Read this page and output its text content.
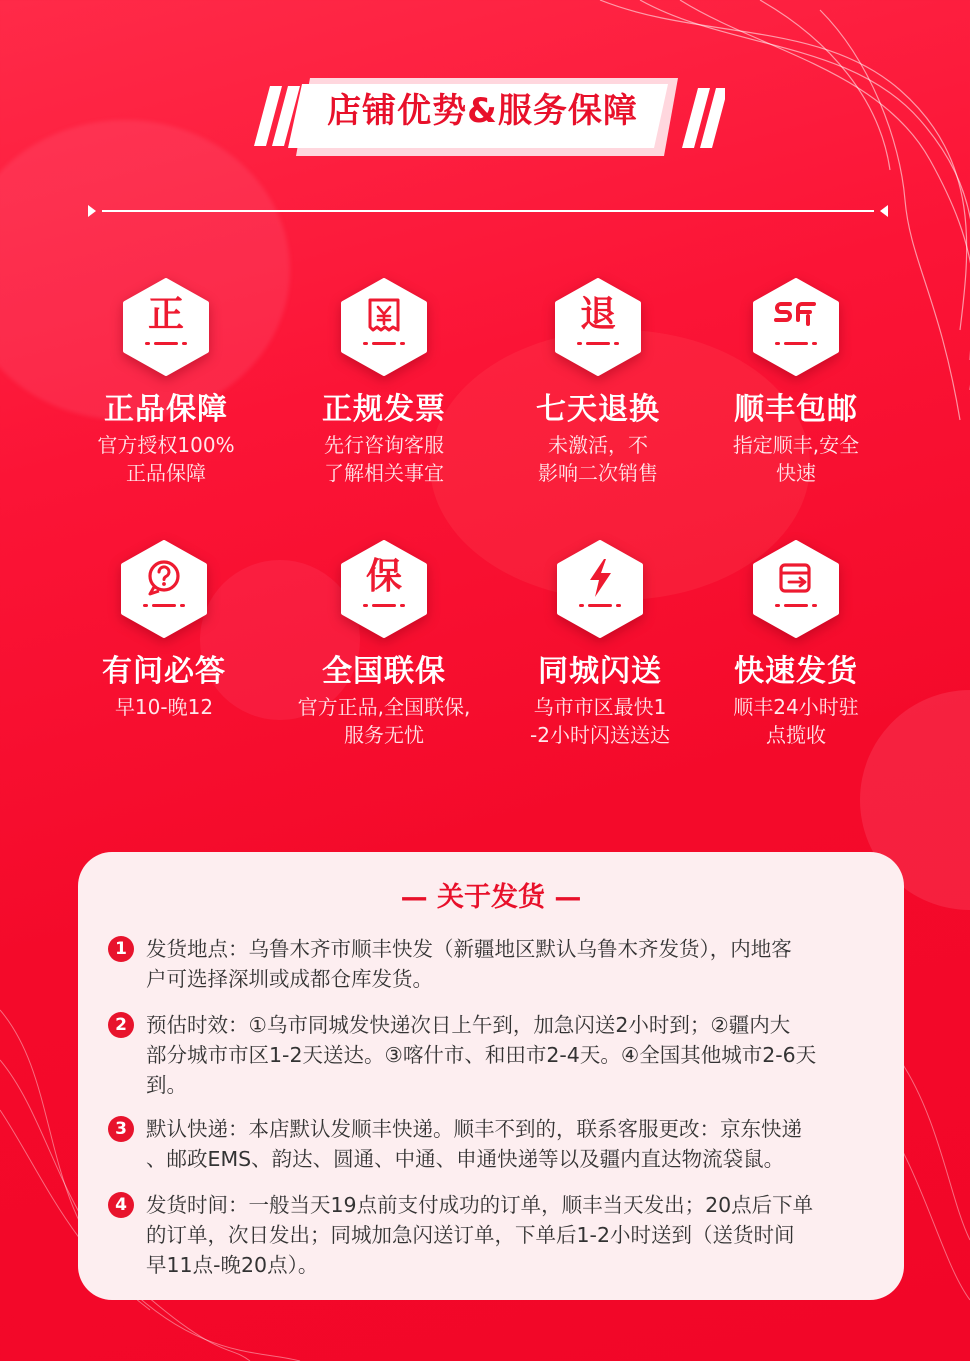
店铺优势&服务保障
正
正品保障
官方授权100%
正品保障
正规发票
先行咨询客服
了解相关事宜
退
七天退换
未激活，不
影响二次销售
顺丰包邮
指定顺丰,安全
快速
有问必答
早10-晚12
保
全国联保
官方正品,全国联保,
服务无忧
同城闪送
乌市市区最快1
-2小时闪送送达
快速发货
顺丰24小时驻
点揽收
— 关于发货 —
1 发货地点：乌鲁木齐市顺丰快发（新疆地区默认乌鲁木齐发货），内地客
户可选择深圳或成都仓库发货。
2 预估时效：①乌市同城发快递次日上午到，加急闪送2小时到；②疆内大
部分城市市区1-2天送达。③喀什市、和田市2-4天。④全国其他城市2-6天
到。
3 默认快递：本店默认发顺丰快递。顺丰不到的，联系客服更改：京东快递
、邮政EMS、韵达、圆通、中通、申通快递等以及疆内直达物流袋鼠。
4 发货时间：一般当天19点前支付成功的订单，顺丰当天发出；20点后下单
的订单，次日发出；同城加急闪送订单，下单后1-2小时送到（送货时间
早11点-晚20点）。
